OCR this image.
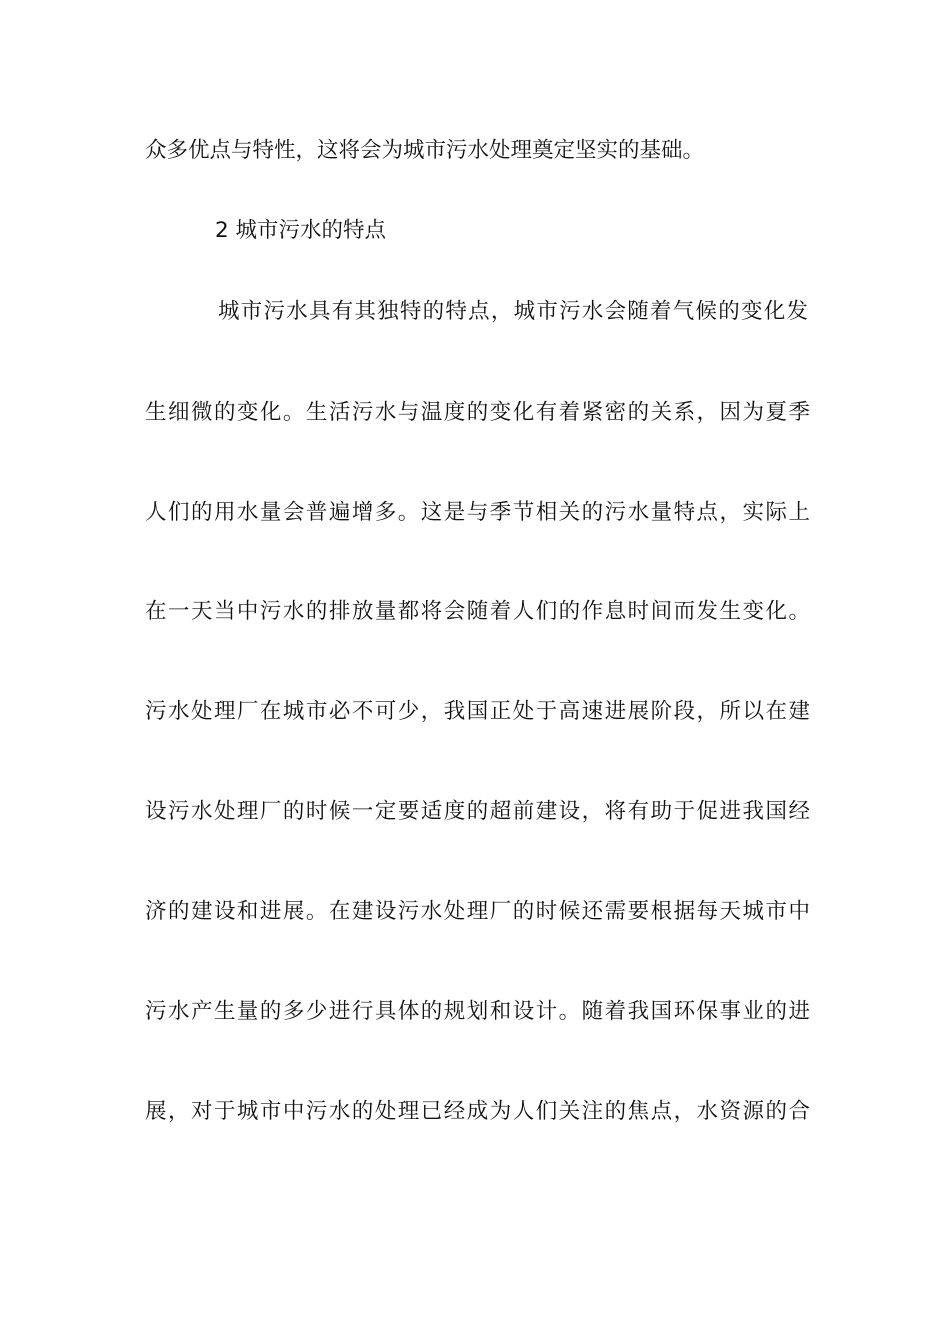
众多优点与特性，这将会为城市污水处理奠定坚实的基础。
2 城市污水的特点
城市污水具有其独特的特点，城市污水会随着气候的变化发
生细微的变化。生活污水与温度的变化有着紧密的关系，因为夏季
人们的用水量会普遍增多。这是与季节相关的污水量特点，实际上
在一天当中污水的排放量都将会随着人们的作息时间而发生变化。
污水处理厂在城市必不可少，我国正处于高速进展阶段，所以在建
设污水处理厂的时候一定要适度的超前建设，将有助于促进我国经
济的建设和进展。在建设污水处理厂的时候还需要根据每天城市中
污水产生量的多少进行具体的规划和设计。随着我国环保事业的进
展，对于城市中污水的处理已经成为人们关注的焦点，水资源的合
